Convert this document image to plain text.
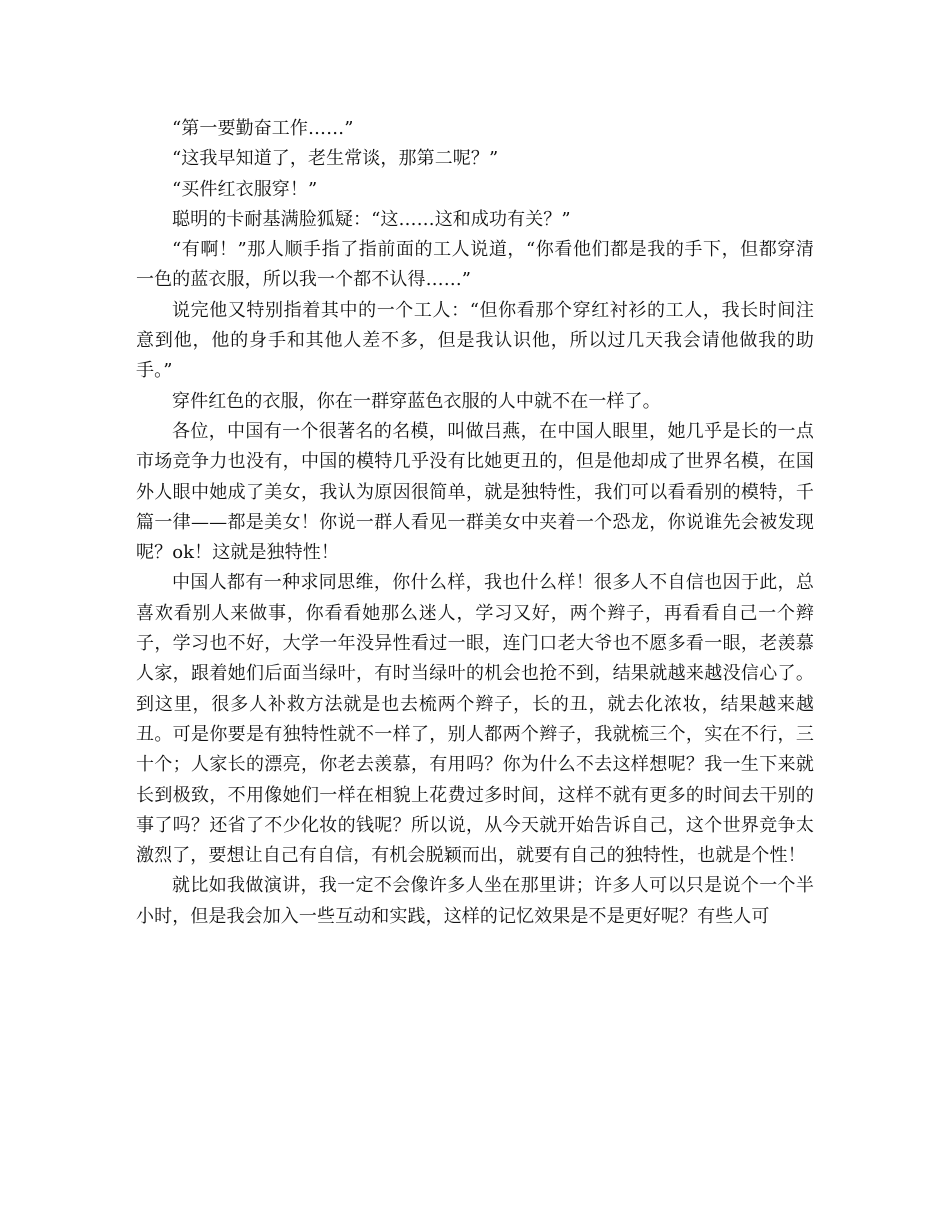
“第一要勤奋工作……”

“这我早知道了，老生常谈，那第二呢？”

“买件红衣服穿！”

聪明的卡耐基满脸狐疑：“这……这和成功有关？”

“有啊！”那人顺手指了指前面的工人说道，“你看他们都是我的手下，但都穿清一色的蓝衣服，所以我一个都不认得……”

说完他又特别指着其中的一个工人：“但你看那个穿红衬衫的工人，我长时间注意到他，他的身手和其他人差不多，但是我认识他，所以过几天我会请他做我的助手。”

穿件红色的衣服，你在一群穿蓝色衣服的人中就不在一样了。

各位，中国有一个很著名的名模，叫做吕燕，在中国人眼里，她几乎是长的一点市场竞争力也没有，中国的模特几乎没有比她更丑的，但是他却成了世界名模，在国外人眼中她成了美女，我认为原因很简单，就是独特性，我们可以看看别的模特，千篇一律——都是美女！你说一群人看见一群美女中夹着一个恐龙，你说谁先会被发现呢？ok！这就是独特性！

中国人都有一种求同思维，你什么样，我也什么样！很多人不自信也因于此，总喜欢看别人来做事，你看看她那么迷人，学习又好，两个辫子，再看看自己一个辫子，学习也不好，大学一年没异性看过一眼，连门口老大爷也不愿多看一眼，老羡慕人家，跟着她们后面当绿叶，有时当绿叶的机会也抢不到，结果就越来越没信心了。到这里，很多人补救方法就是也去梳两个辫子，长的丑，就去化浓妆，结果越来越丑。可是你要是有独特性就不一样了，别人都两个辫子，我就梳三个，实在不行，三十个；人家长的漂亮，你老去羡慕，有用吗？你为什么不去这样想呢？我一生下来就长到极致，不用像她们一样在相貌上花费过多时间，这样不就有更多的时间去干别的事了吗？还省了不少化妆的钱呢？所以说，从今天就开始告诉自己，这个世界竞争太激烈了，要想让自己有自信，有机会脱颖而出，就要有自己的独特性，也就是个性！

就比如我做演讲，我一定不会像许多人坐在那里讲；许多人可以只是说个一个半小时，但是我会加入一些互动和实践，这样的记忆效果是不是更好呢？有些人可
